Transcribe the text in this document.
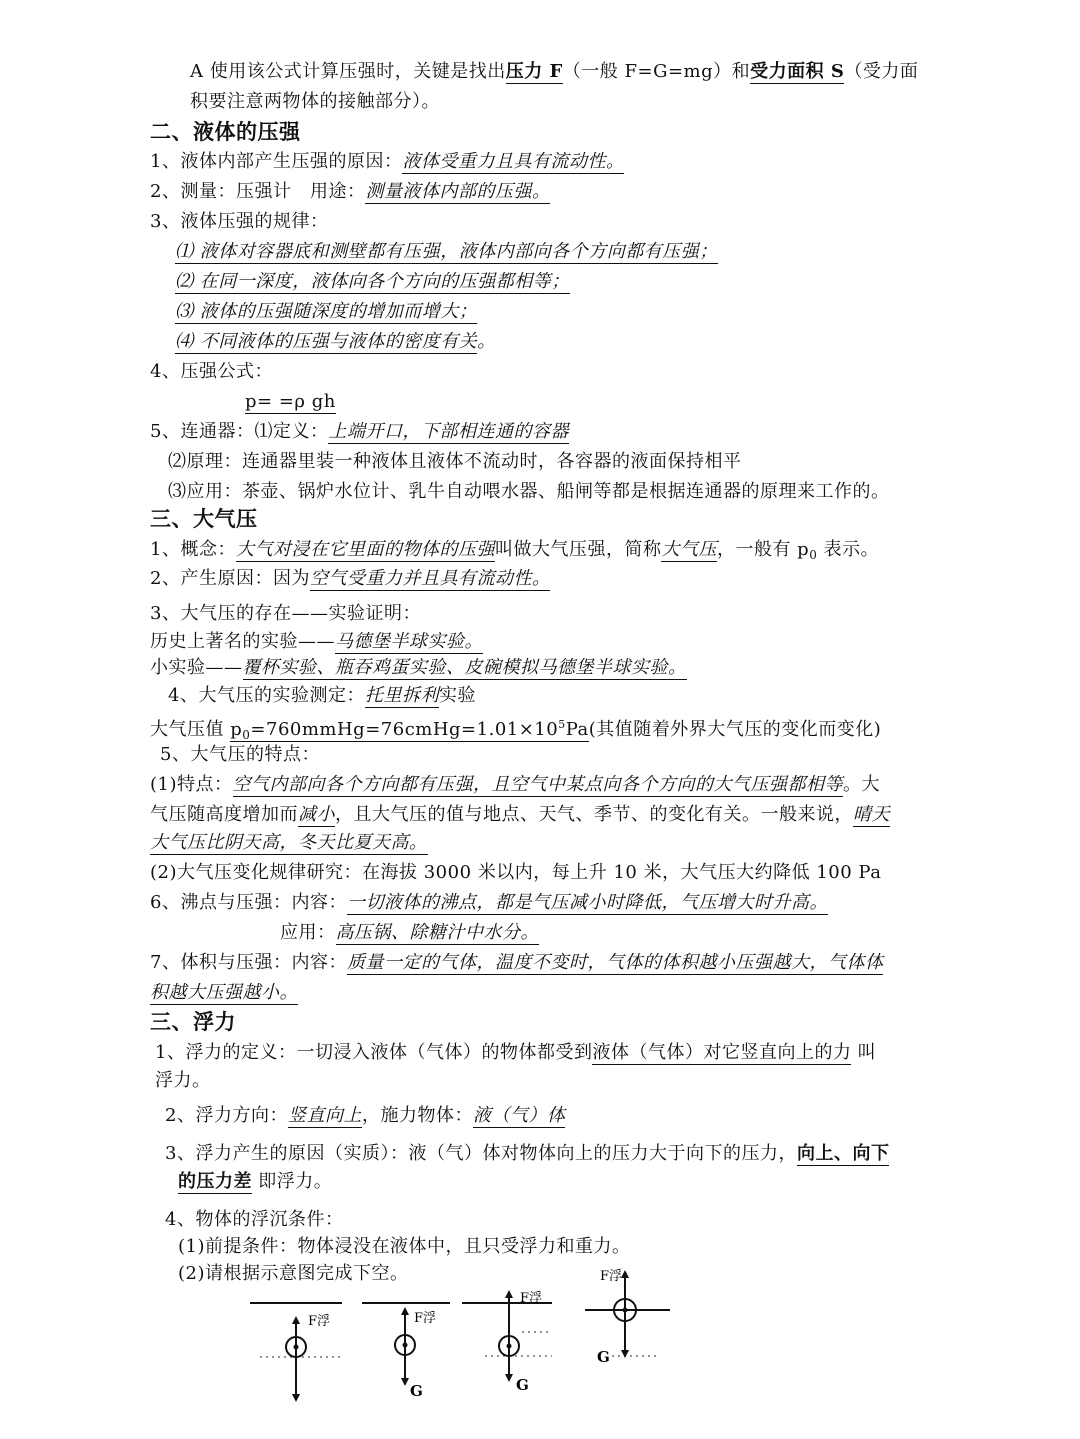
A 使用该公式计算压强时，关键是找出压力 F（一般 F=G=mg）和受力面积 S（受力面
积要注意两物体的接触部分）。
二、液体的压强
1、液体内部产生压强的原因：液体受重力且具有流动性。
2、测量：压强计　用途：测量液体内部的压强。
3、液体压强的规律：
⑴ 液体对容器底和测壁都有压强，液体内部向各个方向都有压强；
⑵ 在同一深度，液体向各个方向的压强都相等；
⑶ 液体的压强随深度的增加而增大；
⑷ 不同液体的压强与液体的密度有关。
4、压强公式：
p= =ρ gh
5、连通器：⑴定义：上端开口，下部相连通的容器
⑵原理：连通器里装一种液体且液体不流动时，各容器的液面保持相平
⑶应用：茶壶、锅炉水位计、乳牛自动喂水器、船闸等都是根据连通器的原理来工作的。
三、大气压
1、概念：大气对浸在它里面的物体的压强叫做大气压强，简称大气压，一般有 $p_0$ 表示。
2、产生原因：因为空气受重力并且具有流动性。
3、大气压的存在——实验证明：
历史上著名的实验——马德堡半球实验。
小实验——覆杯实验、瓶吞鸡蛋实验、皮碗模拟马德堡半球实验。
4、大气压的实验测定：托里拆利实验
大气压值 $p_0=760mmHg=76cmHg=1.01\times 10^5Pa$(其值随着外界大气压的变化而变化)
5、大气压的特点：
(1)特点：空气内部向各个方向都有压强，且空气中某点向各个方向的大气压强都相等。大
气压随高度增加而减小，且大气压的值与地点、天气、季节、的变化有关。一般来说，晴天
大气压比阴天高，冬天比夏天高。
(2)大气压变化规律研究：在海拔 3000 米以内，每上升 10 米，大气压大约降低 100 Pa
6、沸点与压强：内容：一切液体的沸点，都是气压减小时降低，气压增大时升高。
应用：高压锅、除糖汁中水分。
7、体积与压强：内容：质量一定的气体，温度不变时，气体的体积越小压强越大，气体体
积越大压强越小。
三、浮力
1、浮力的定义：一切浸入液体（气体）的物体都受到液体（气体）对它竖直向上的力 叫
浮力。
2、浮力方向：竖直向上，施力物体：液（气）体
3、浮力产生的原因（实质）：液（气）体对物体向上的压力大于向下的压力，向上、向下
的压力差 即浮力。
4、物体的浮沉条件：
(1)前提条件：物体浸没在液体中，且只受浮力和重力。
(2)请根据示意图完成下空。
F浮	F浮
G
F浮
G
F浮
G
